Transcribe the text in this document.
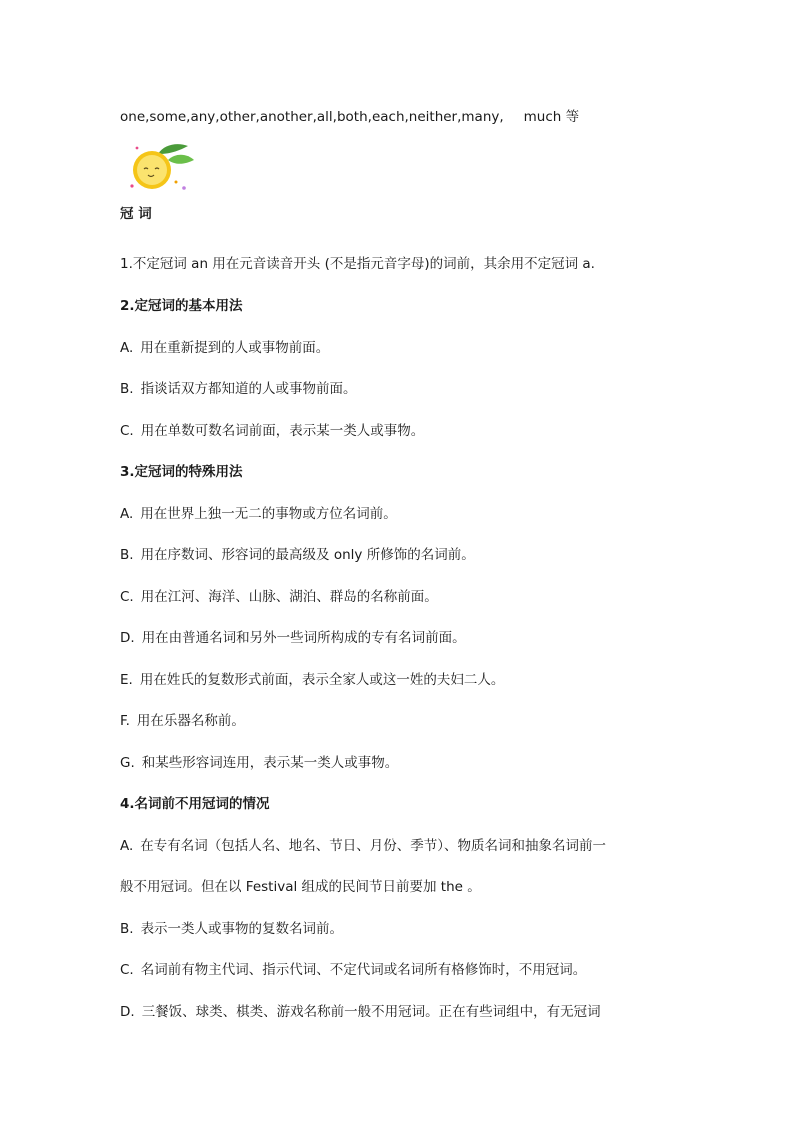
one,some,any,other,another,all,both,each,neither,many, much 等
冠 词
1.不定冠词 an 用在元音读音开头 (不是指元音字母)的词前，其余用不定冠词 a.
2.定冠词的基本用法
A. 用在重新提到的人或事物前面。
B. 指谈话双方都知道的人或事物前面。
C. 用在单数可数名词前面，表示某一类人或事物。
3.定冠词的特殊用法
A. 用在世界上独一无二的事物或方位名词前。
B. 用在序数词、形容词的最高级及 only 所修饰的名词前。
C. 用在江河、海洋、山脉、湖泊、群岛的名称前面。
D. 用在由普通名词和另外一些词所构成的专有名词前面。
E. 用在姓氏的复数形式前面，表示全家人或这一姓的夫妇二人。
F. 用在乐器名称前。
G. 和某些形容词连用，表示某一类人或事物。
4.名词前不用冠词的情况
A. 在专有名词（包括人名、地名、节日、月份、季节）、物质名词和抽象名词前一
般不用冠词。但在以 Festival 组成的民间节日前要加 the 。
B. 表示一类人或事物的复数名词前。
C. 名词前有物主代词、指示代词、不定代词或名词所有格修饰时，不用冠词。
D. 三餐饭、球类、棋类、游戏名称前一般不用冠词。正在有些词组中，有无冠词
